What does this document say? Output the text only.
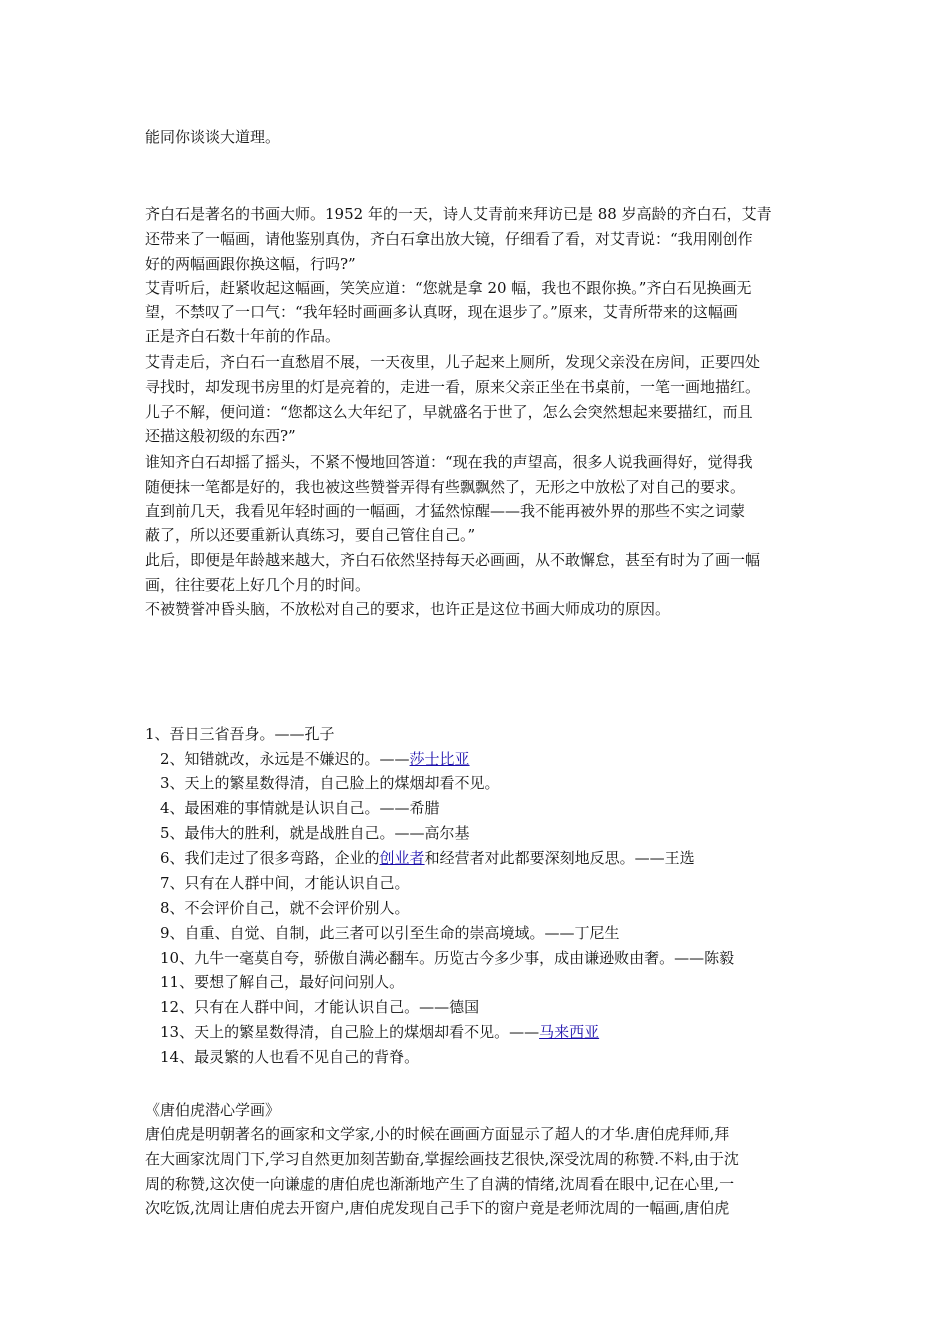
能同你谈谈大道理。
齐白石是著名的书画大师。1952 年的一天，诗人艾青前来拜访已是 88 岁高龄的齐白石，艾青
还带来了一幅画，请他鉴别真伪，齐白石拿出放大镜，仔细看了看，对艾青说：“我用刚创作
好的两幅画跟你换这幅，行吗?”
艾青听后，赶紧收起这幅画，笑笑应道：“您就是拿 20 幅，我也不跟你换。”齐白石见换画无
望，不禁叹了一口气：“我年轻时画画多认真呀，现在退步了。”原来，艾青所带来的这幅画
正是齐白石数十年前的作品。
艾青走后，齐白石一直愁眉不展，一天夜里，儿子起来上厕所，发现父亲没在房间，正要四处
寻找时，却发现书房里的灯是亮着的，走进一看，原来父亲正坐在书桌前，一笔一画地描红。
儿子不解，便问道：“您都这么大年纪了，早就盛名于世了，怎么会突然想起来要描红，而且
还描这般初级的东西?”
谁知齐白石却摇了摇头，不紧不慢地回答道：“现在我的声望高，很多人说我画得好，觉得我
随便抹一笔都是好的，我也被这些赞誉弄得有些飘飘然了，无形之中放松了对自己的要求。
直到前几天，我看见年轻时画的一幅画，才猛然惊醒——我不能再被外界的那些不实之词蒙
蔽了，所以还要重新认真练习，要自己管住自己。”
此后，即便是年龄越来越大，齐白石依然坚持每天必画画，从不敢懈怠，甚至有时为了画一幅
画，往往要花上好几个月的时间。
不被赞誉冲昏头脑，不放松对自己的要求，也许正是这位书画大师成功的原因。
1、吾日三省吾身。——孔子
2、知错就改，永远是不嫌迟的。——莎士比亚
3、天上的繁星数得清，自己脸上的煤烟却看不见。
4、最困难的事情就是认识自己。——希腊
5、最伟大的胜利，就是战胜自己。——高尔基
6、我们走过了很多弯路，企业的创业者和经营者对此都要深刻地反思。——王选
7、只有在人群中间，才能认识自己。
8、不会评价自己，就不会评价别人。
9、自重、自觉、自制，此三者可以引至生命的崇高境域。——丁尼生
10、九牛一毫莫自夸，骄傲自满必翻车。历览古今多少事，成由谦逊败由奢。——陈毅
11、要想了解自己，最好问问别人。
12、只有在人群中间，才能认识自己。——德国
13、天上的繁星数得清，自己脸上的煤烟却看不见。——马来西亚
14、最灵繁的人也看不见自己的背脊。
《唐伯虎潜心学画》
唐伯虎是明朝著名的画家和文学家,小的时候在画画方面显示了超人的才华.唐伯虎拜师,拜
在大画家沈周门下,学习自然更加刻苦勤奋,掌握绘画技艺很快,深受沈周的称赞.不料,由于沈
周的称赞,这次使一向谦虚的唐伯虎也渐渐地产生了自满的情绪,沈周看在眼中,记在心里,一
次吃饭,沈周让唐伯虎去开窗户,唐伯虎发现自己手下的窗户竟是老师沈周的一幅画,唐伯虎
